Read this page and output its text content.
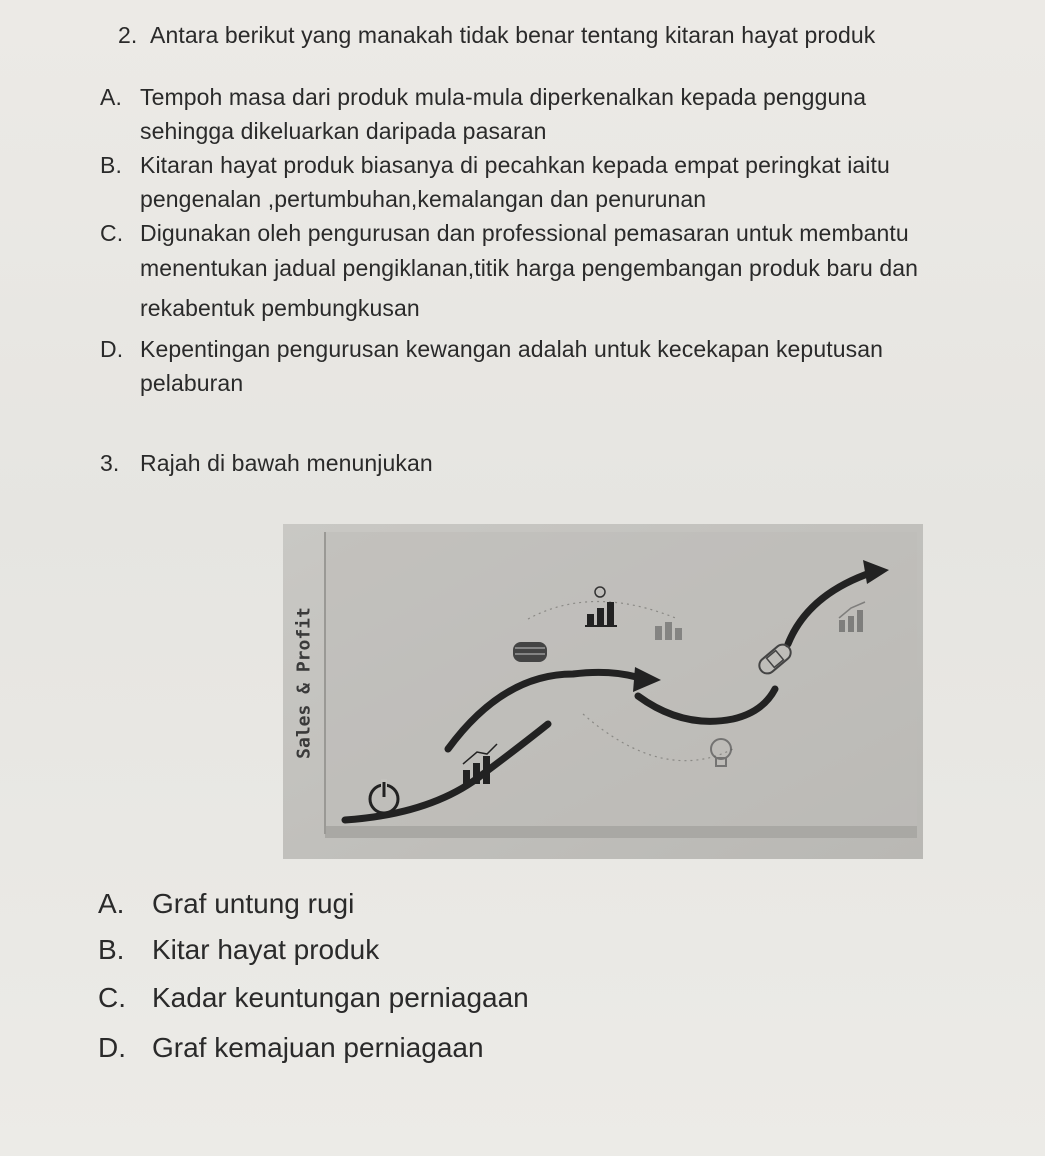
2. Antara berikut yang manakah tidak benar tentang kitaran hayat produk
A. Tempoh masa dari produk mula-mula diperkenalkan kepada pengguna
sehingga dikeluarkan daripada pasaran
B. Kitaran hayat produk biasanya di pecahkan kepada empat peringkat iaitu
pengenalan ,pertumbuhan,kemalangan dan penurunan
C. Digunakan oleh pengurusan dan professional pemasaran untuk membantu
menentukan jadual pengiklanan,titik harga pengembangan produk baru dan
rekabentuk pembungkusan
D. Kepentingan pengurusan kewangan adalah untuk kecekapan keputusan
pelaburan
3. Rajah di bawah menunjukan
Sales & Profit
A. Graf untung rugi
B. Kitar hayat produk
C. Kadar keuntungan perniagaan
D. Graf kemajuan perniagaan
